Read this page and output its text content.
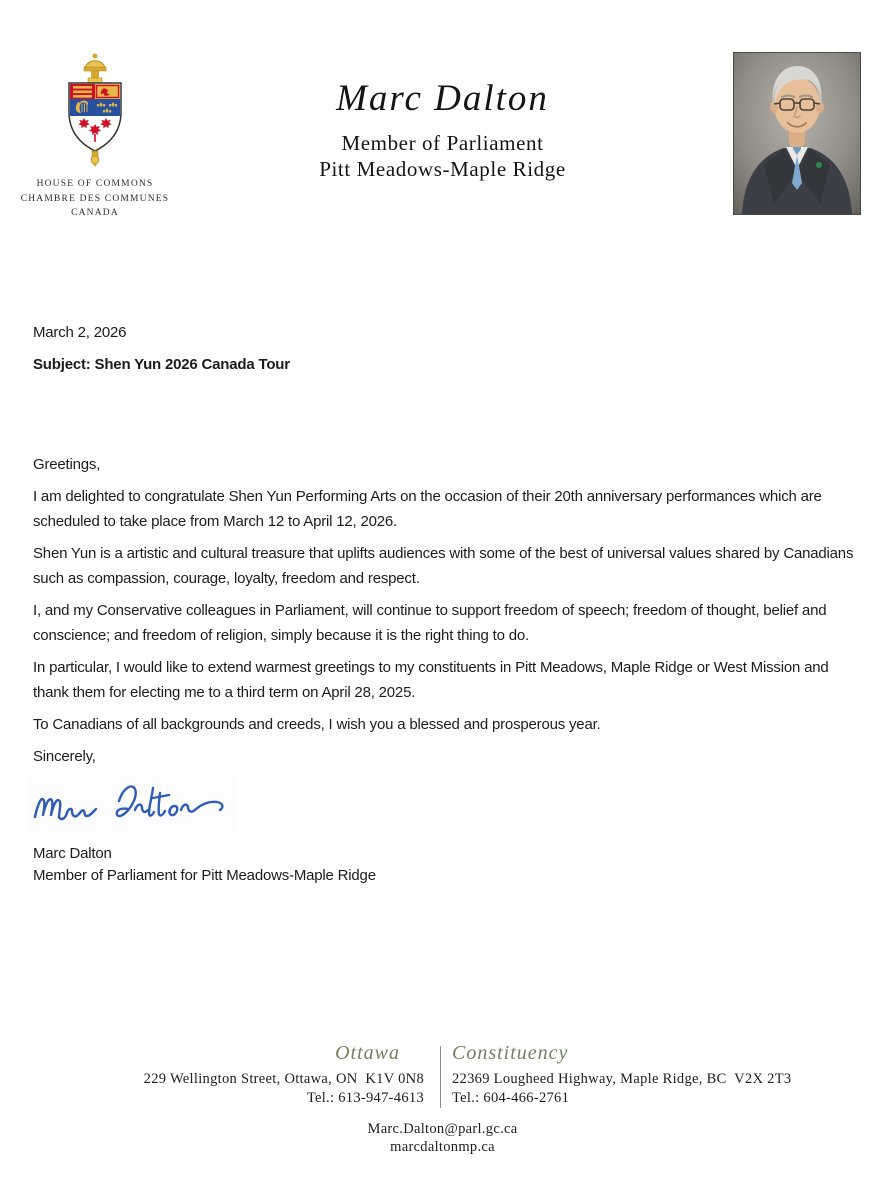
HOUSE OF COMMONS
CHAMBRE DES COMMUNES
CANADA
Marc Dalton
Member of Parliament
Pitt Meadows-Maple Ridge

March 2, 2026

Subject: Shen Yun 2026 Canada Tour

Greetings,

I am delighted to congratulate Shen Yun Performing Arts on the occasion of their 20th anniversary performances which are scheduled to take place from March 12 to April 12, 2026.

Shen Yun is a artistic and cultural treasure that uplifts audiences with some of the best of universal values shared by Canadians such as compassion, courage, loyalty, freedom and respect.

I, and my Conservative colleagues in Parliament, will continue to support freedom of speech; freedom of thought, belief and conscience; and freedom of religion, simply because it is the right thing to do.

In particular, I would like to extend warmest greetings to my constituents in Pitt Meadows, Maple Ridge or West Mission and thank them for electing me to a third term on April 28, 2025.

To Canadians of all backgrounds and creeds, I wish you a blessed and prosperous year.

Sincerely,

Marc Dalton
Member of Parliament for Pitt Meadows-Maple Ridge
Ottawa
229 Wellington Street, Ottawa, ON  K1V 0N8
Tel.: 613-947-4613
Constituency
22369 Lougheed Highway, Maple Ridge, BC  V2X 2T3
Tel.: 604-466-2761
Marc.Dalton@parl.gc.ca
marcdaltonmp.ca
